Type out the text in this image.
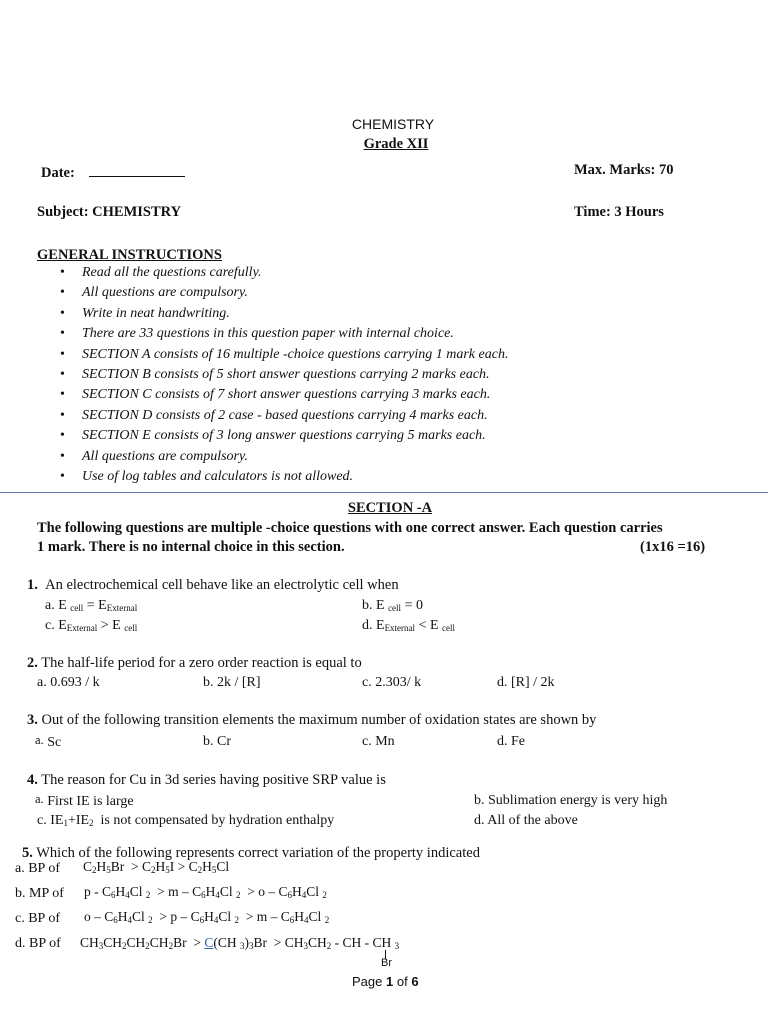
CHEMISTRY
Grade XII
Date:	Max. Marks: 70
Subject: CHEMISTRY	Time: 3 Hours
GENERAL INSTRUCTIONS
• Read all the questions carefully.
• All questions are compulsory.
• Write in neat handwriting.
• There are 33 questions in this question paper with internal choice.
• SECTION A consists of 16 multiple -choice questions carrying 1 mark each.
• SECTION B consists of 5 short answer questions carrying 2 marks each.
• SECTION C consists of 7 short answer questions carrying 3 marks each.
• SECTION D consists of 2 case - based questions carrying 4 marks each.
• SECTION E consists of 3 long answer questions carrying 5 marks each.
• All questions are compulsory.
• Use of log tables and calculators is not allowed.
SECTION -A
The following questions are multiple -choice questions with one correct answer. Each question carries
1 mark. There is no internal choice in this section.	(1x16 =16)
1. An electrochemical cell behave like an electrolytic cell when
a. E $_{cell} = E_{External}$	b. E $_{cell}$ = 0
c. $E_{External} > E$ $_{cell}$	d. $E_{External} < E$ $_{cell}$
2. The half-life period for a zero order reaction is equal to
a. 0.693 / k	b. 2k / [R]	c. 2.303/ k	d. [R] / 2k
3. Out of the following transition elements the maximum number of oxidation states are shown by
a. Sc	b. Cr	c. Mn	d. Fe
4. The reason for Cu in 3d series having positive SRP value is
a. First IE is large	b. Sublimation energy is very high
c. $IE_1+IE_2$ is not compensated by hydration enthalpy	d. All of the above
5. Which of the following represents correct variation of the property indicated
a. BP of $C_2H_5Br > C_2H_5I > C_2H_5Cl$
b. MP of p - $C_6H_4Cl$ $_2 > m - C_6H_4Cl$ $_2 > o - C_6H_4Cl$ $_2$
c. BP of o – $C_6H_4Cl$ $_2 > p - C_6H_4Cl$ $_2 > m - C_6H_4Cl$ $_2$
d. BP of $CH_3CH_2CH_2CH_2Br > C(CH$ $_3)_3Br > CH_3CH_2$ - CH - CH $_3$
Br
Page 1 of 6
